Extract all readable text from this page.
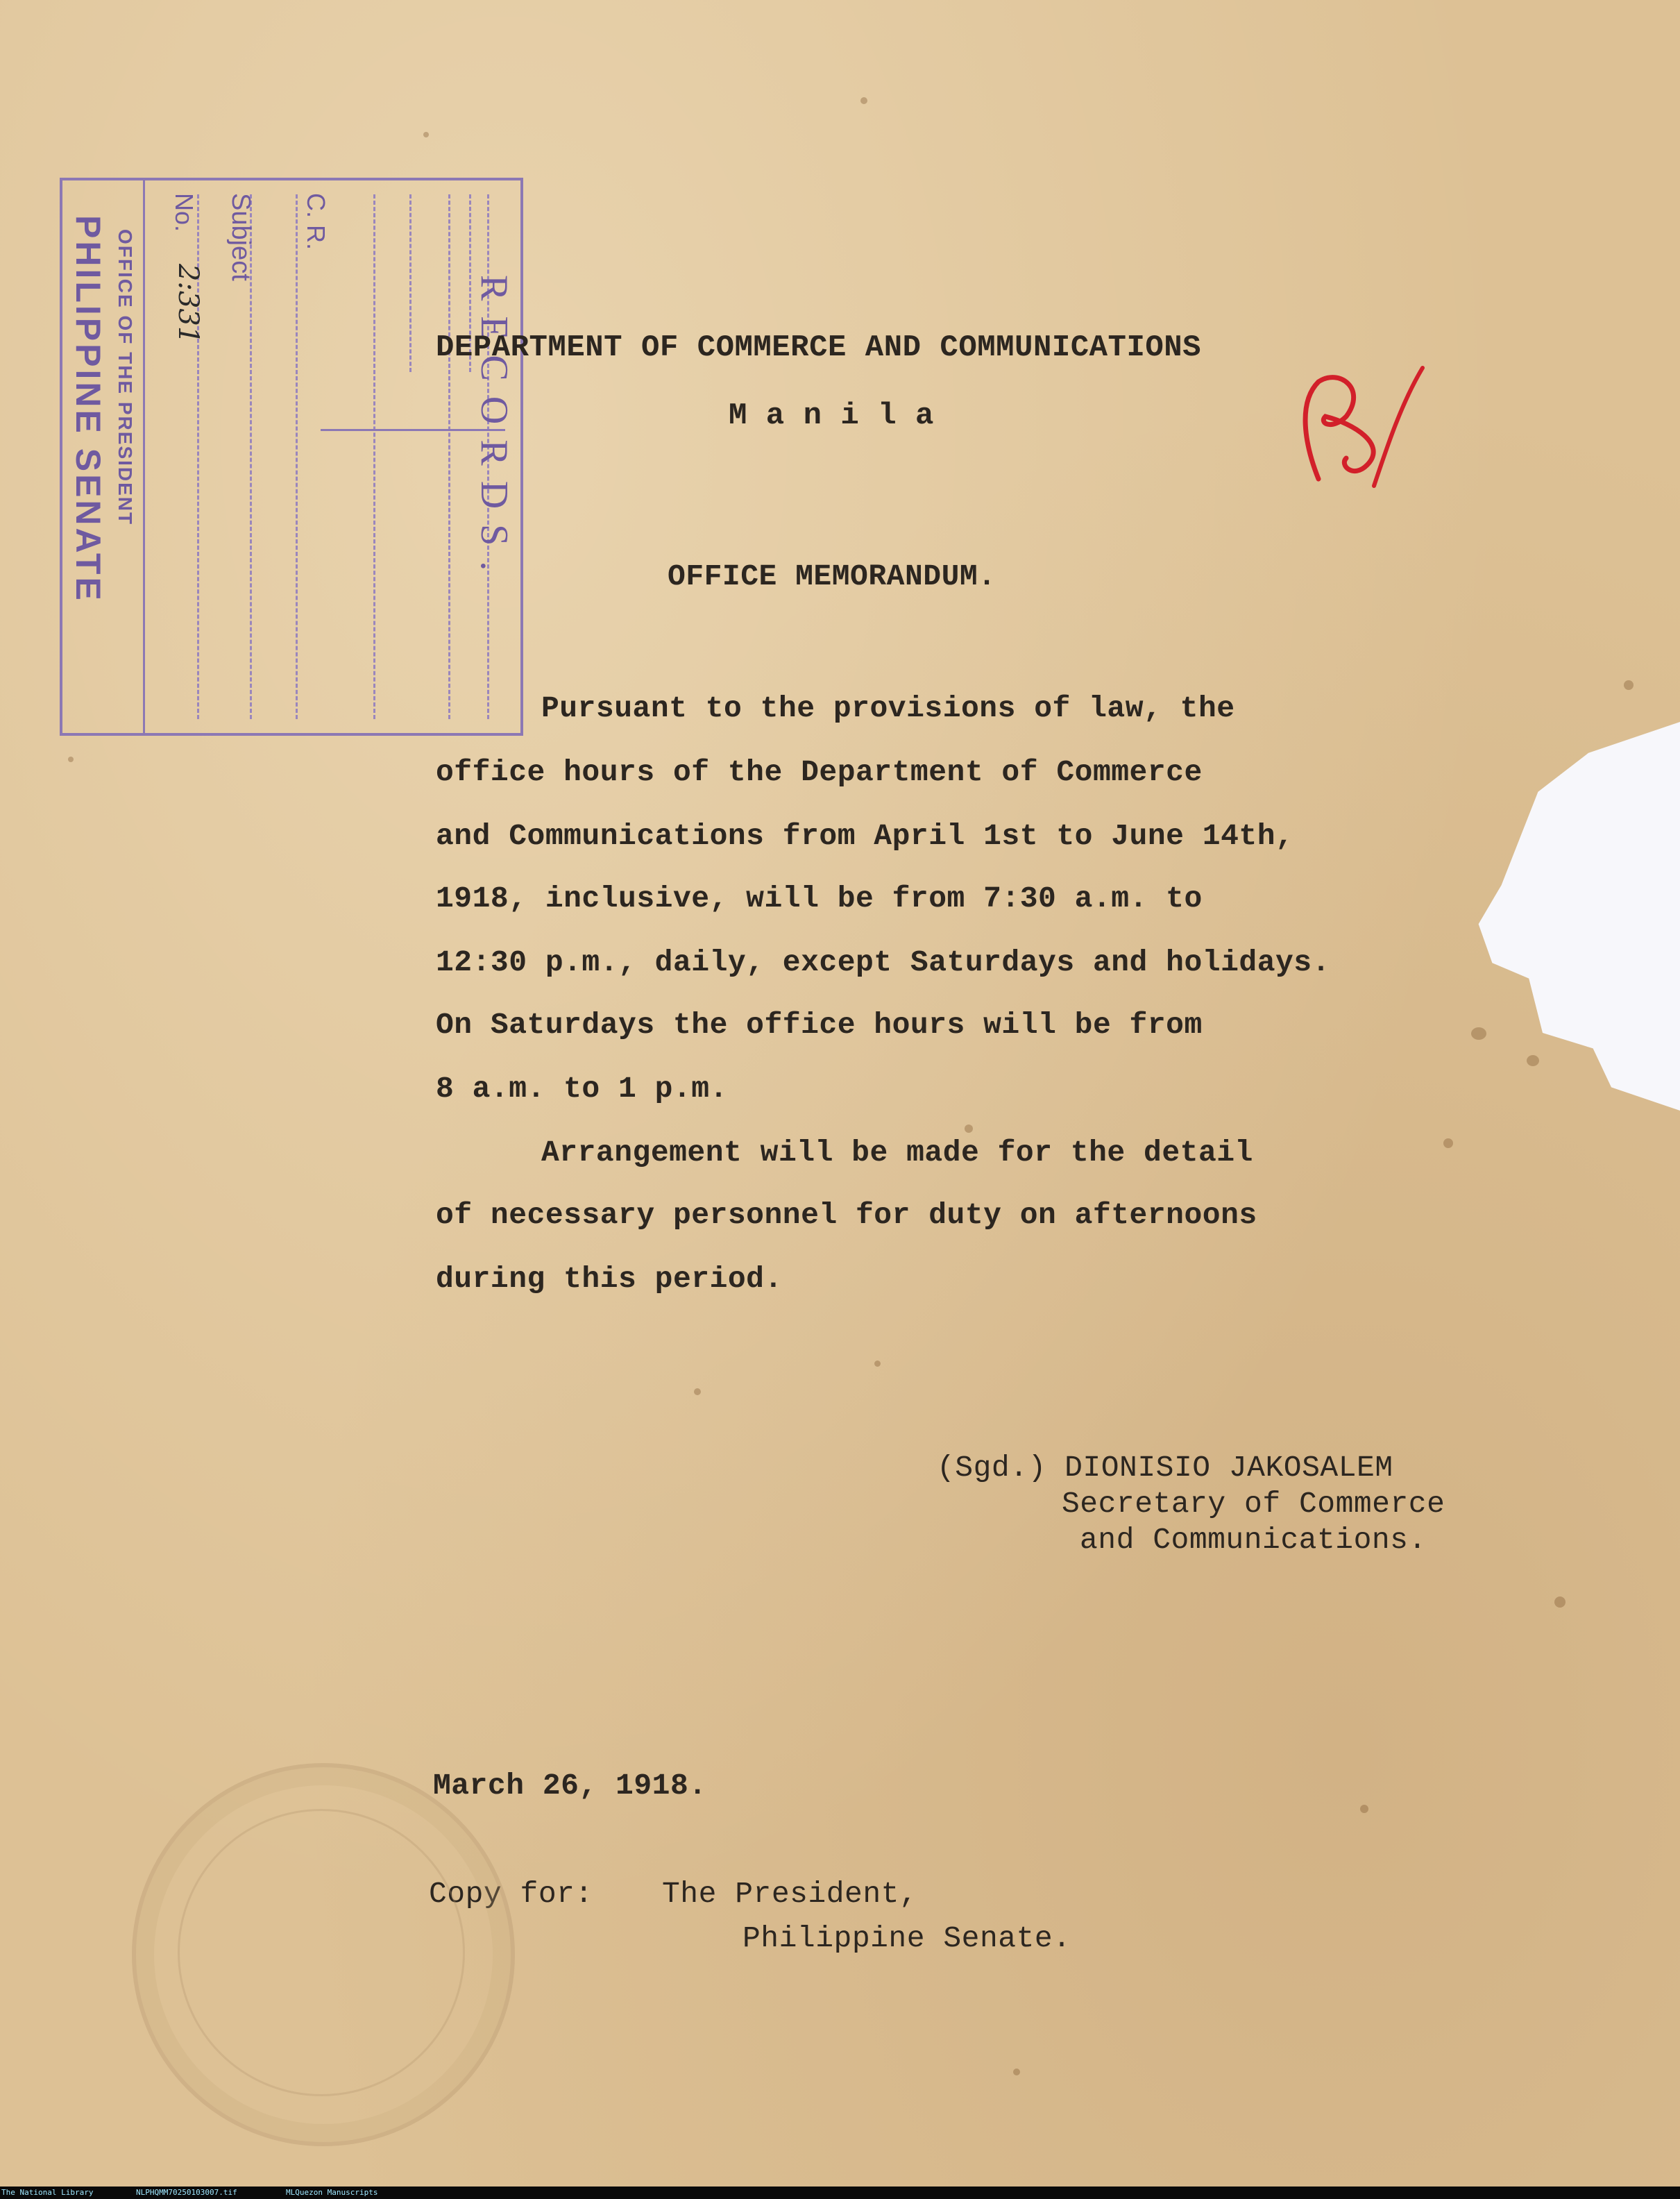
PHILIPPINE SENATE OFFICE OF THE PRESIDENT
No.
2:331
Subject C. R.
RECORDS.
DEPARTMENT OF COMMERCE AND COMMUNICATIONS
M a n i l a
OFFICE MEMORANDUM.
Pursuant to the provisions of law, the
office hours of the Department of Commerce
and Communications from April 1st to June 14th,
1918, inclusive, will be from 7:30 a.m. to
12:30 p.m., daily, except Saturdays and holidays.
On Saturdays the office hours will be from
8 a.m. to 1 p.m.
Arrangement will be made for the detail
of necessary personnel for duty on afternoons
during this period.
(Sgd.) DIONISIO JAKOSALEM
Secretary of Commerce
and Communications.
March 26, 1918.
Copy for: The President,
Philippine Senate.
The National Library	NLPHQMM70250103007.tif	MLQuezon Manuscripts
